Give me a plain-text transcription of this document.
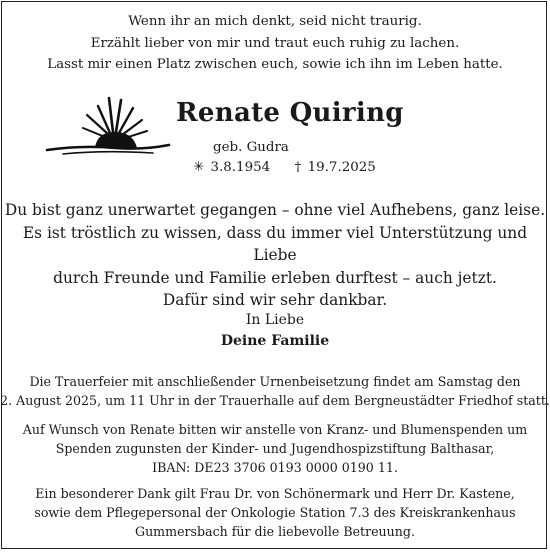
Wenn ihr an mich denkt, seid nicht traurig.
Erzählt lieber von mir und traut euch ruhig zu lachen.
Lasst mir einen Platz zwischen euch, sowie ich ihn im Leben hatte.
Renate Quiring
geb. Gudra
✳ 3.8.1954 † 19.7.2025
Du bist ganz unerwartet gegangen – ohne viel Aufhebens, ganz leise.
Es ist tröstlich zu wissen, dass du immer viel Unterstützung und Liebe
durch Freunde und Familie erleben durftest – auch jetzt.
Dafür sind wir sehr dankbar.
In Liebe
Deine Familie
Die Trauerfeier mit anschließender Urnenbeisetzung findet am Samstag den
2. August 2025, um 11 Uhr in der Trauerhalle auf dem Bergneustädter Friedhof statt.
Auf Wunsch von Renate bitten wir anstelle von Kranz- und Blumenspenden um
Spenden zugunsten der Kinder- und Jugendhospizstiftung Balthasar,
IBAN: DE23 3706 0193 0000 0190 11.
Ein besonderer Dank gilt Frau Dr. von Schönermark und Herr Dr. Kastene,
sowie dem Pflegepersonal der Onkologie Station 7.3 des Kreiskrankenhaus
Gummersbach für die liebevolle Betreuung.
